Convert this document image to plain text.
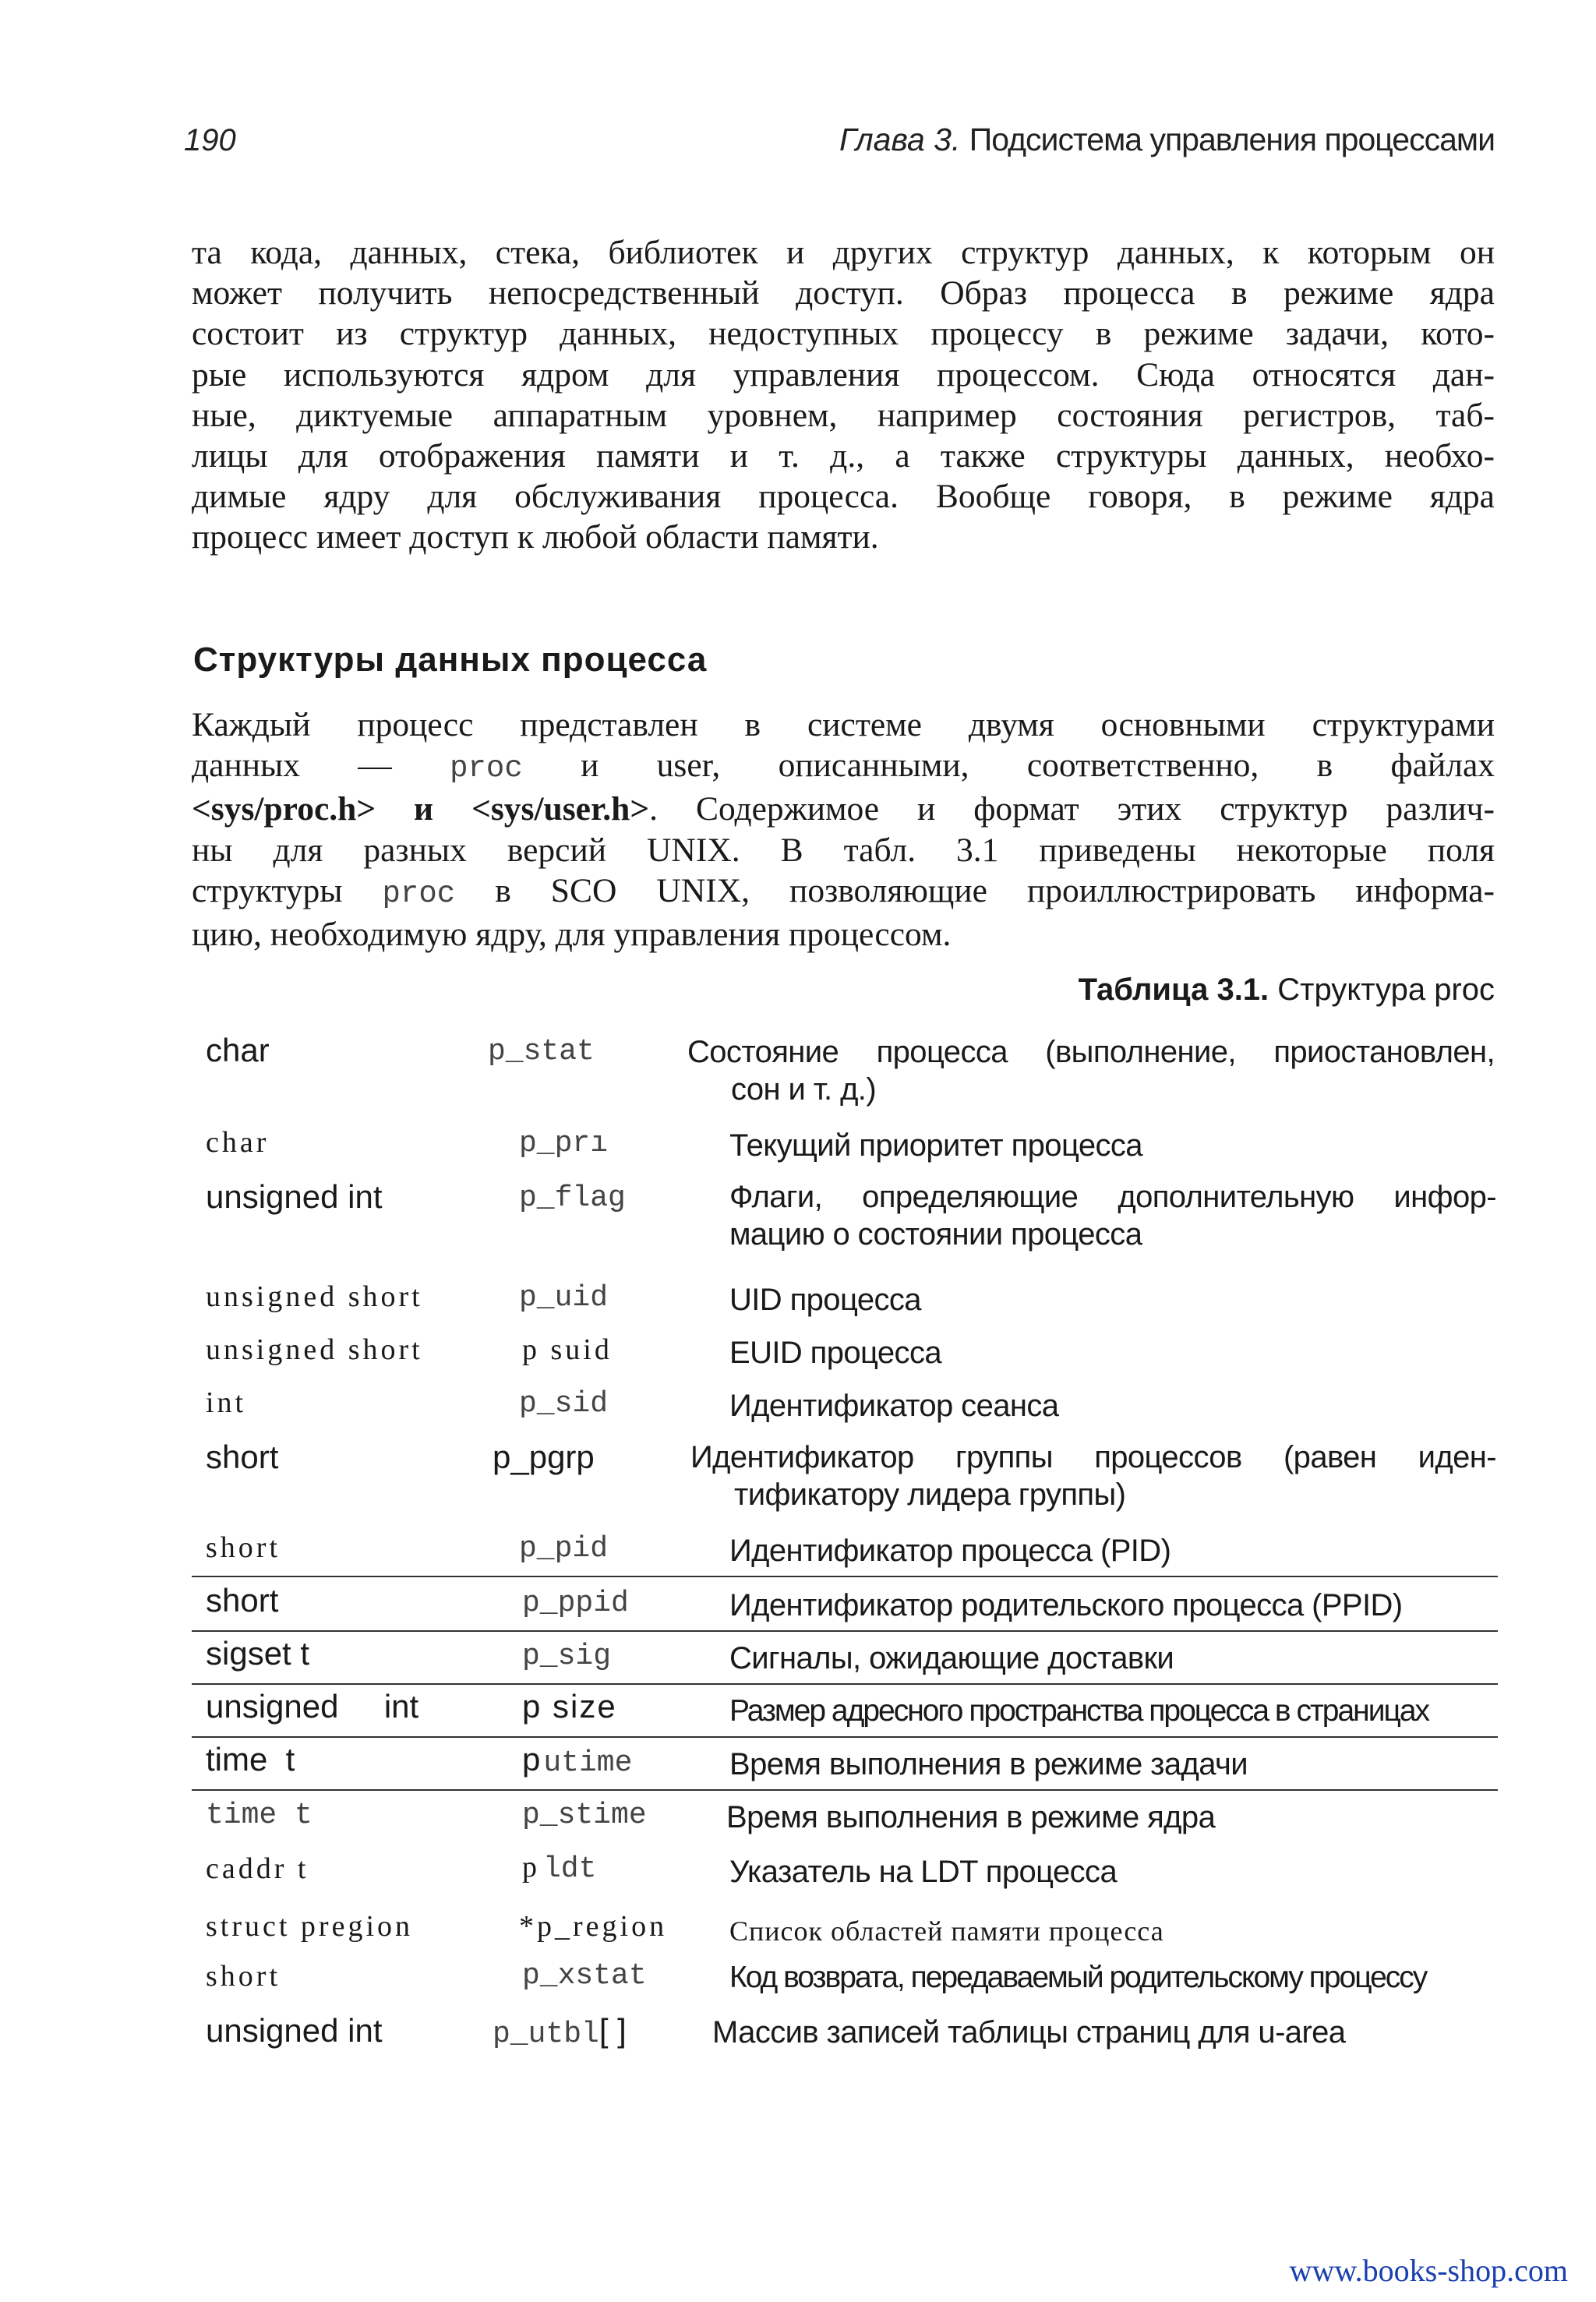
190	Глава 3. Подсистема управления процессами

та кода, данных, стека, библиотек и других структур данных, к которым он
может получить непосредственный доступ. Образ процесса в режиме ядра
состоит из структур данных, недоступных процессу в режиме задачи, кото-
рые используются ядром для управления процессом. Сюда относятся дан-
ные, диктуемые аппаратным уровнем, например состояния регистров, таб-
лицы для отображения памяти и т. д., а также структуры данных, необхо-
димые ядру для обслуживания процесса. Вообще говоря, в режиме ядра
процесс имеет доступ к любой области памяти.

Структуры данных процесса

Каждый процесс представлен в системе двумя основными структурами
данных — proc и user, описанными, соответственно, в файлах
<sys/proc.h> и <sys/user.h>. Содержимое и формат этих структур различ-
ны для разных версий UNIX. В табл. 3.1 приведены некоторые поля
структуры proc в SCO UNIX, позволяющие проиллюстрировать информа-
цию, необходимую ядру, для управления процессом.

Таблица 3.1. Структура proc
char	p_stat	Состояние процесса (выполнение, приостановлен,
сон и т. д.)
char	p_prı	Текущий приоритет процесса
unsigned int	p_flag	Флаги, определяющие дополнительную инфор-
мацию о состоянии процесса
unsigned short	p_uid	UID процесса
unsigned short	p suid	EUID процесса
int	p_sid	Идентификатор сеанса
short	p_pgrp	Идентификатор группы процессов (равен иден-
тификатору лидера группы)
short	p_pid	Идентификатор процесса (PID)
short	p_ppid	Идентификатор родительского процесса (PPID)
sigset t	p_sig	Сигналы, ожидающие доставки
unsigned     int	p size	Размер адресного пространства процесса в страницах
time  t	p utime	Время выполнения в режиме задачи
time t	p_stime	Время выполнения в режиме ядра
caddr t	p ldt	Указатель на LDT процесса
struct pregion	*p_region Список областей памяти процесса
short	p_xstat	Код возврата, передаваемый родительскому процессу
unsigned int	p_utbl[ ]	Массив записей таблицы страниц для u-area
www.books-shop.com
